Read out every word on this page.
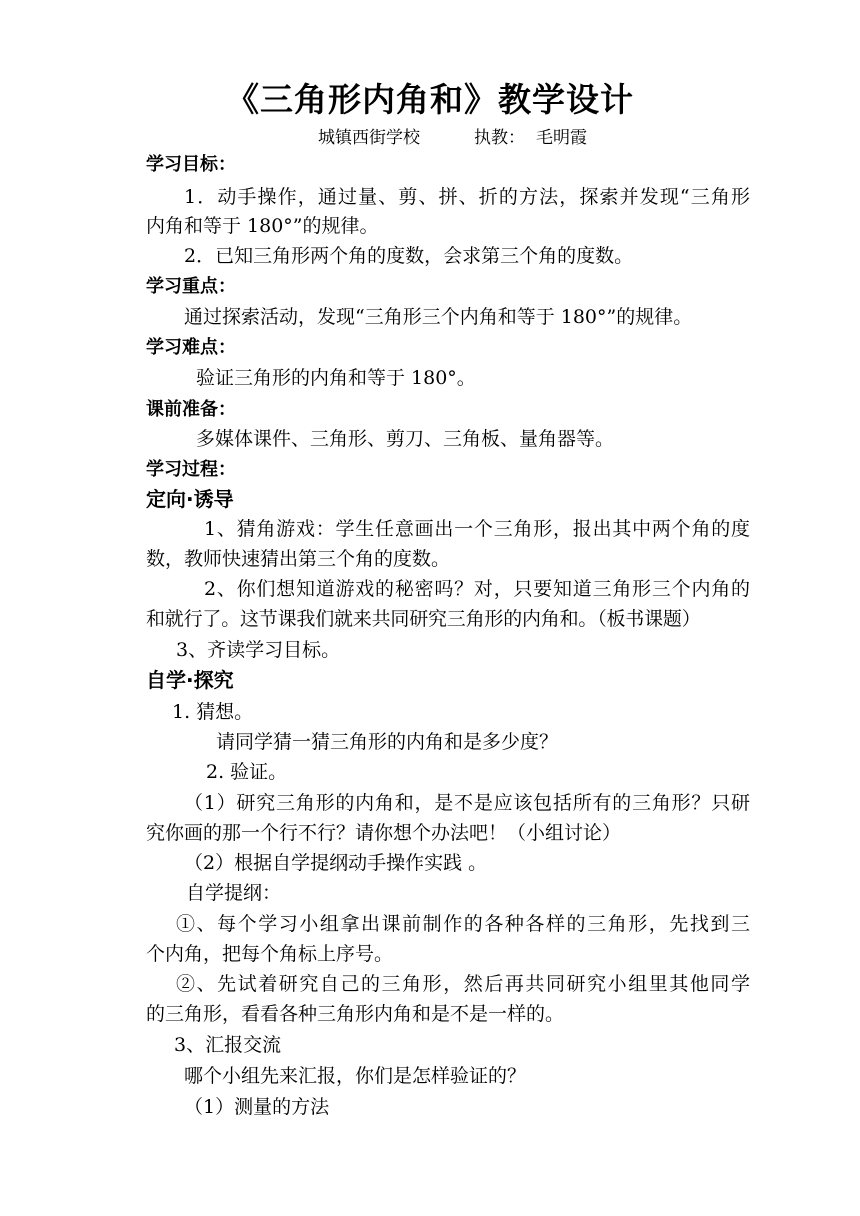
《三角形内角和》教学设计
城镇西街学校	执教： 毛明霞
学习目标：
1．动手操作，通过量、剪、拼、折的方法，探索并发现“三角形
内角和等于 180°”的规律。
2．已知三角形两个角的度数，会求第三个角的度数。
学习重点：
通过探索活动，发现“三角形三个内角和等于 180°”的规律。
学习难点：
验证三角形的内角和等于 180°。
课前准备：
多媒体课件、三角形、剪刀、三角板、量角器等。
学习过程：
定向·诱导
1、猜角游戏：学生任意画出一个三角形，报出其中两个角的度
数，教师快速猜出第三个角的度数。
2、你们想知道游戏的秘密吗？对，只要知道三角形三个内角的
和就行了。这节课我们就来共同研究三角形的内角和。（板书课题）
3、齐读学习目标。
自学·探究
1. 猜想。
请同学猜一猜三角形的内角和是多少度？
2. 验证。
（1）研究三角形的内角和，是不是应该包括所有的三角形？只研
究你画的那一个行不行？请你想个办法吧！（小组讨论）
（2）根据自学提纲动手操作实践 。
自学提纲：
①、每个学习小组拿出课前制作的各种各样的三角形，先找到三
个内角，把每个角标上序号。
②、先试着研究自己的三角形，然后再共同研究小组里其他同学
的三角形，看看各种三角形内角和是不是一样的。
3、汇报交流
哪个小组先来汇报，你们是怎样验证的？
（1）测量的方法
